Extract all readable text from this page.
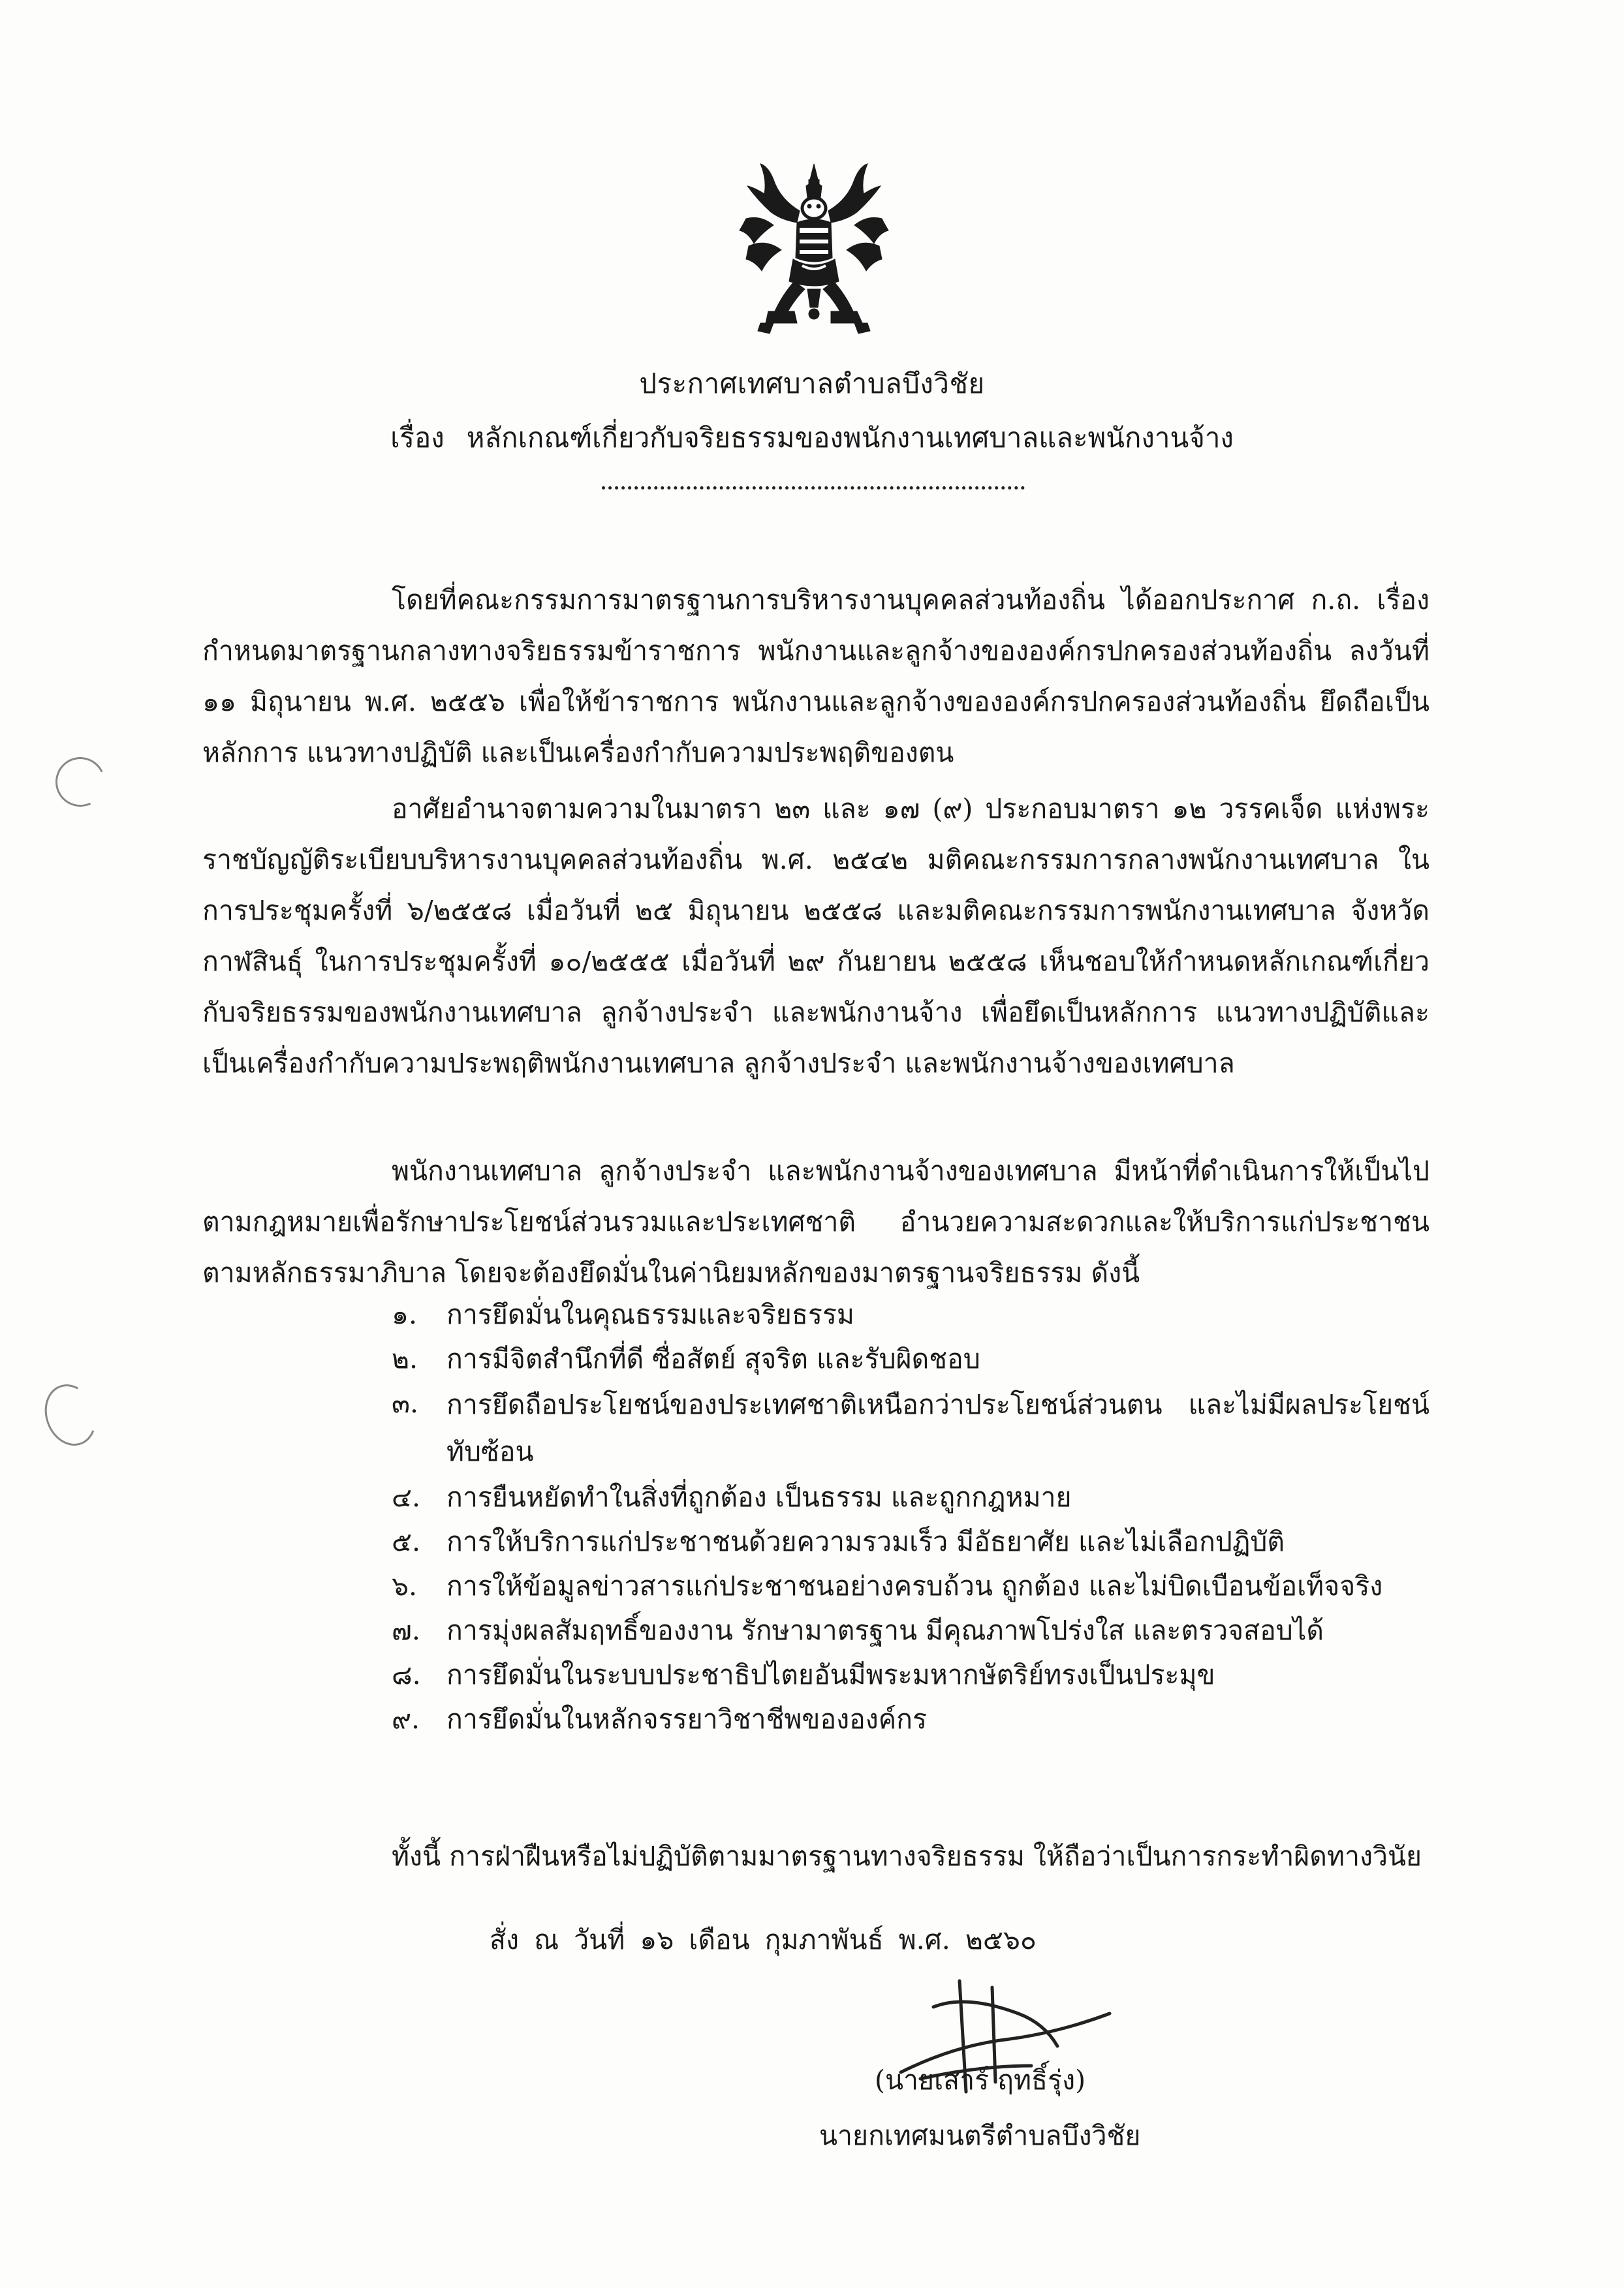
ประกาศเทศบาลตำบลบึงวิชัย
เรื่อง หลักเกณฑ์เกี่ยวกับจริยธรรมของพนักงานเทศบาลและพนักงานจ้าง
โดยที่คณะกรรมการมาตรฐานการบริหารงานบุคคลส่วนท้องถิ่น ได้ออกประกาศ ก.ถ. เรื่อง กำหนดมาตรฐานกลางทางจริยธรรมข้าราชการ พนักงานและลูกจ้างขององค์กรปกครองส่วนท้องถิ่น ลงวันที่ ๑๑ มิถุนายน พ.ศ. ๒๕๕๖ เพื่อให้ข้าราชการ พนักงานและลูกจ้างขององค์กรปกครองส่วนท้องถิ่น ยึดถือเป็นหลักการ แนวทางปฏิบัติ และเป็นเครื่องกำกับความประพฤติของตน
อาศัยอำนาจตามความในมาตรา ๒๓ และ ๑๗ (๙) ประกอบมาตรา ๑๒ วรรคเจ็ด แห่งพระราชบัญญัติระเบียบบริหารงานบุคคลส่วนท้องถิ่น พ.ศ. ๒๕๔๒ มติคณะกรรมการกลางพนักงานเทศบาล ในการประชุมครั้งที่ ๖/๒๕๕๘ เมื่อวันที่ ๒๕ มิถุนายน ๒๕๕๘ และมติคณะกรรมการพนักงานเทศบาล จังหวัดกาฬสินธุ์ ในการประชุมครั้งที่ ๑๐/๒๕๕๕ เมื่อวันที่ ๒๙ กันยายน ๒๕๕๘ เห็นชอบให้กำหนดหลักเกณฑ์เกี่ยวกับจริยธรรมของพนักงานเทศบาล ลูกจ้างประจำ และพนักงานจ้าง เพื่อยึดเป็นหลักการ แนวทางปฏิบัติและเป็นเครื่องกำกับความประพฤติพนักงานเทศบาล ลูกจ้างประจำ และพนักงานจ้างของเทศบาล
พนักงานเทศบาล ลูกจ้างประจำ และพนักงานจ้างของเทศบาล มีหน้าที่ดำเนินการให้เป็นไปตามกฎหมายเพื่อรักษาประโยชน์ส่วนรวมและประเทศชาติ อำนวยความสะดวกและให้บริการแก่ประชาชนตามหลักธรรมาภิบาล โดยจะต้องยึดมั่นในค่านิยมหลักของมาตรฐานจริยธรรม ดังนี้
๑.	การยึดมั่นในคุณธรรมและจริยธรรม
๒.	การมีจิตสำนึกที่ดี ซื่อสัตย์ สุจริต และรับผิดชอบ
๓.	การยึดถือประโยชน์ของประเทศชาติเหนือกว่าประโยชน์ส่วนตน และไม่มีผลประโยชน์ทับซ้อน
๔. การยืนหยัดทำในสิ่งที่ถูกต้อง เป็นธรรม และถูกกฎหมาย
๕. การให้บริการแก่ประชาชนด้วยความรวมเร็ว มีอัธยาศัย และไม่เลือกปฏิบัติ
๖.	การให้ข้อมูลข่าวสารแก่ประชาชนอย่างครบถ้วน ถูกต้อง และไม่บิดเบือนข้อเท็จจริง
๗. การมุ่งผลสัมฤทธิ์ของงาน รักษามาตรฐาน มีคุณภาพโปร่งใส และตรวจสอบได้
๘. การยึดมั่นในระบบประชาธิปไตยอันมีพระมหากษัตริย์ทรงเป็นประมุข
๙. การยึดมั่นในหลักจรรยาวิชาชีพขององค์กร
ทั้งนี้ การฝ่าฝืนหรือไม่ปฏิบัติตามมาตรฐานทางจริยธรรม ให้ถือว่าเป็นการกระทำผิดทางวินัย
สั่ง ณ วันที่ ๑๖ เดือน กุมภาพันธ์ พ.ศ. ๒๕๖๐
(นายเสาร์ ฤทธิ์รุ่ง)
นายกเทศมนตรีตำบลบึงวิชัย
